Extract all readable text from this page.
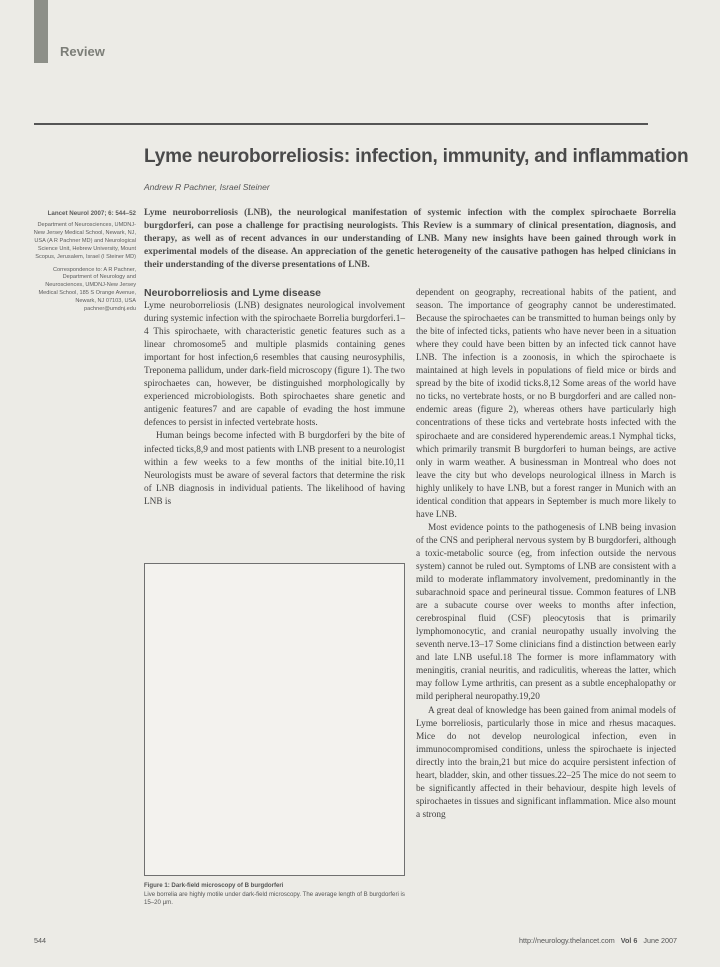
Review
Lyme neuroborreliosis: infection, immunity, and inflammation
Andrew R Pachner, Israel Steiner
Lancet Neurol 2007; 6: 544–52
Department of Neurosciences, UMDNJ-New Jersey Medical School, Newark, NJ, USA (A R Pachner MD) and Neurological Science Unit, Hebrew University, Mount Scopus, Jerusalem, Israel (I Steiner MD)
Correspondence to: A R Pachner, Department of Neurology and Neurosciences, UMDNJ-New Jersey Medical School, 185 S Orange Avenue, Newark, NJ 07103, USA pachner@umdnj.edu
Lyme neuroborreliosis (LNB), the neurological manifestation of systemic infection with the complex spirochaete Borrelia burgdorferi, can pose a challenge for practising neurologists. This Review is a summary of clinical presentation, diagnosis, and therapy, as well as of recent advances in our understanding of LNB. Many new insights have been gained through work in experimental models of the disease. An appreciation of the genetic heterogeneity of the causative pathogen has helped clinicians in their understanding of the diverse presentations of LNB.
Neuroborreliosis and Lyme disease

Lyme neuroborreliosis (LNB) designates neurological involvement during systemic infection with the spirochaete Borrelia burgdorferi.1–4 This spirochaete, with characteristic genetic features such as a linear chromosome5 and multiple plasmids containing genes important for host infection,6 resembles that causing neurosyphilis, Treponema pallidum, under dark-field microscopy (figure 1). The two spirochaetes can, however, be distinguished morphologically by experienced microbiologists. Both spirochaetes share genetic and antigenic features7 and are capable of evading the host immune defences to persist in infected vertebrate hosts.

Human beings become infected with B burgdorferi by the bite of infected ticks,8,9 and most patients with LNB present to a neurologist within a few weeks to a few months of the initial bite.10,11 Neurologists must be aware of several factors that determine the risk of LNB diagnosis in individual patients. The likelihood of having LNB is

Figure 1: Dark-field microscopy of B burgdorferi
Live borrelia are highly motile under dark-field microscopy. The average length of B burgdorferi is 15–20 µm.

dependent on geography, recreational habits of the patient, and season. The importance of geography cannot be underestimated. Because the spirochaetes can be transmitted to human beings only by the bite of infected ticks, patients who have never been in a situation where they could have been bitten by an infected tick cannot have LNB. The infection is a zoonosis, in which the spirochaete is maintained at high levels in populations of field mice or birds and spread by the bite of ixodid ticks.8,12 Some areas of the world have no ticks, no vertebrate hosts, or no B burgdorferi and are called non-endemic areas (figure 2), whereas others have particularly high concentrations of these ticks and vertebrate hosts infected with the spirochaete and are considered hyperendemic areas.1 Nymphal ticks, which primarily transmit B burgdorferi to human beings, are active only in warm weather. A businessman in Montreal who does not leave the city but who develops neurological illness in March is highly unlikely to have LNB, but a forest ranger in Munich with an identical condition that appears in September is much more likely to have LNB.

Most evidence points to the pathogenesis of LNB being invasion of the CNS and peripheral nervous system by B burgdorferi, although a toxic-metabolic source (eg, from infection outside the nervous system) cannot be ruled out. Symptoms of LNB are consistent with a mild to moderate inflammatory involvement, predominantly in the subarachnoid space and perineural tissue. Common features of LNB are a subacute course over weeks to months after infection, cerebrospinal fluid (CSF) pleocytosis that is primarily lymphomonocytic, and cranial neuropathy usually involving the seventh nerve.13–17 Some clinicians find a distinction between early and late LNB useful.18 The former is more inflammatory with meningitis, cranial neuritis, and radiculitis, whereas the latter, which may follow Lyme arthritis, can present as a subtle encephalopathy or mild peripheral neuropathy.19,20

A great deal of knowledge has been gained from animal models of Lyme borreliosis, particularly those in mice and rhesus macaques. Mice do not develop neurological infection, even in immunocompromised conditions, unless the spirochaete is injected directly into the brain,21 but mice do acquire persistent infection of heart, bladder, skin, and other tissues.22–25 The mice do not seem to be significantly affected in their behaviour, despite high levels of spirochaetes in tissues and significant inflammation. Mice also mount a strong

544	http://neurology.thelancet.com Vol 6 June 2007
